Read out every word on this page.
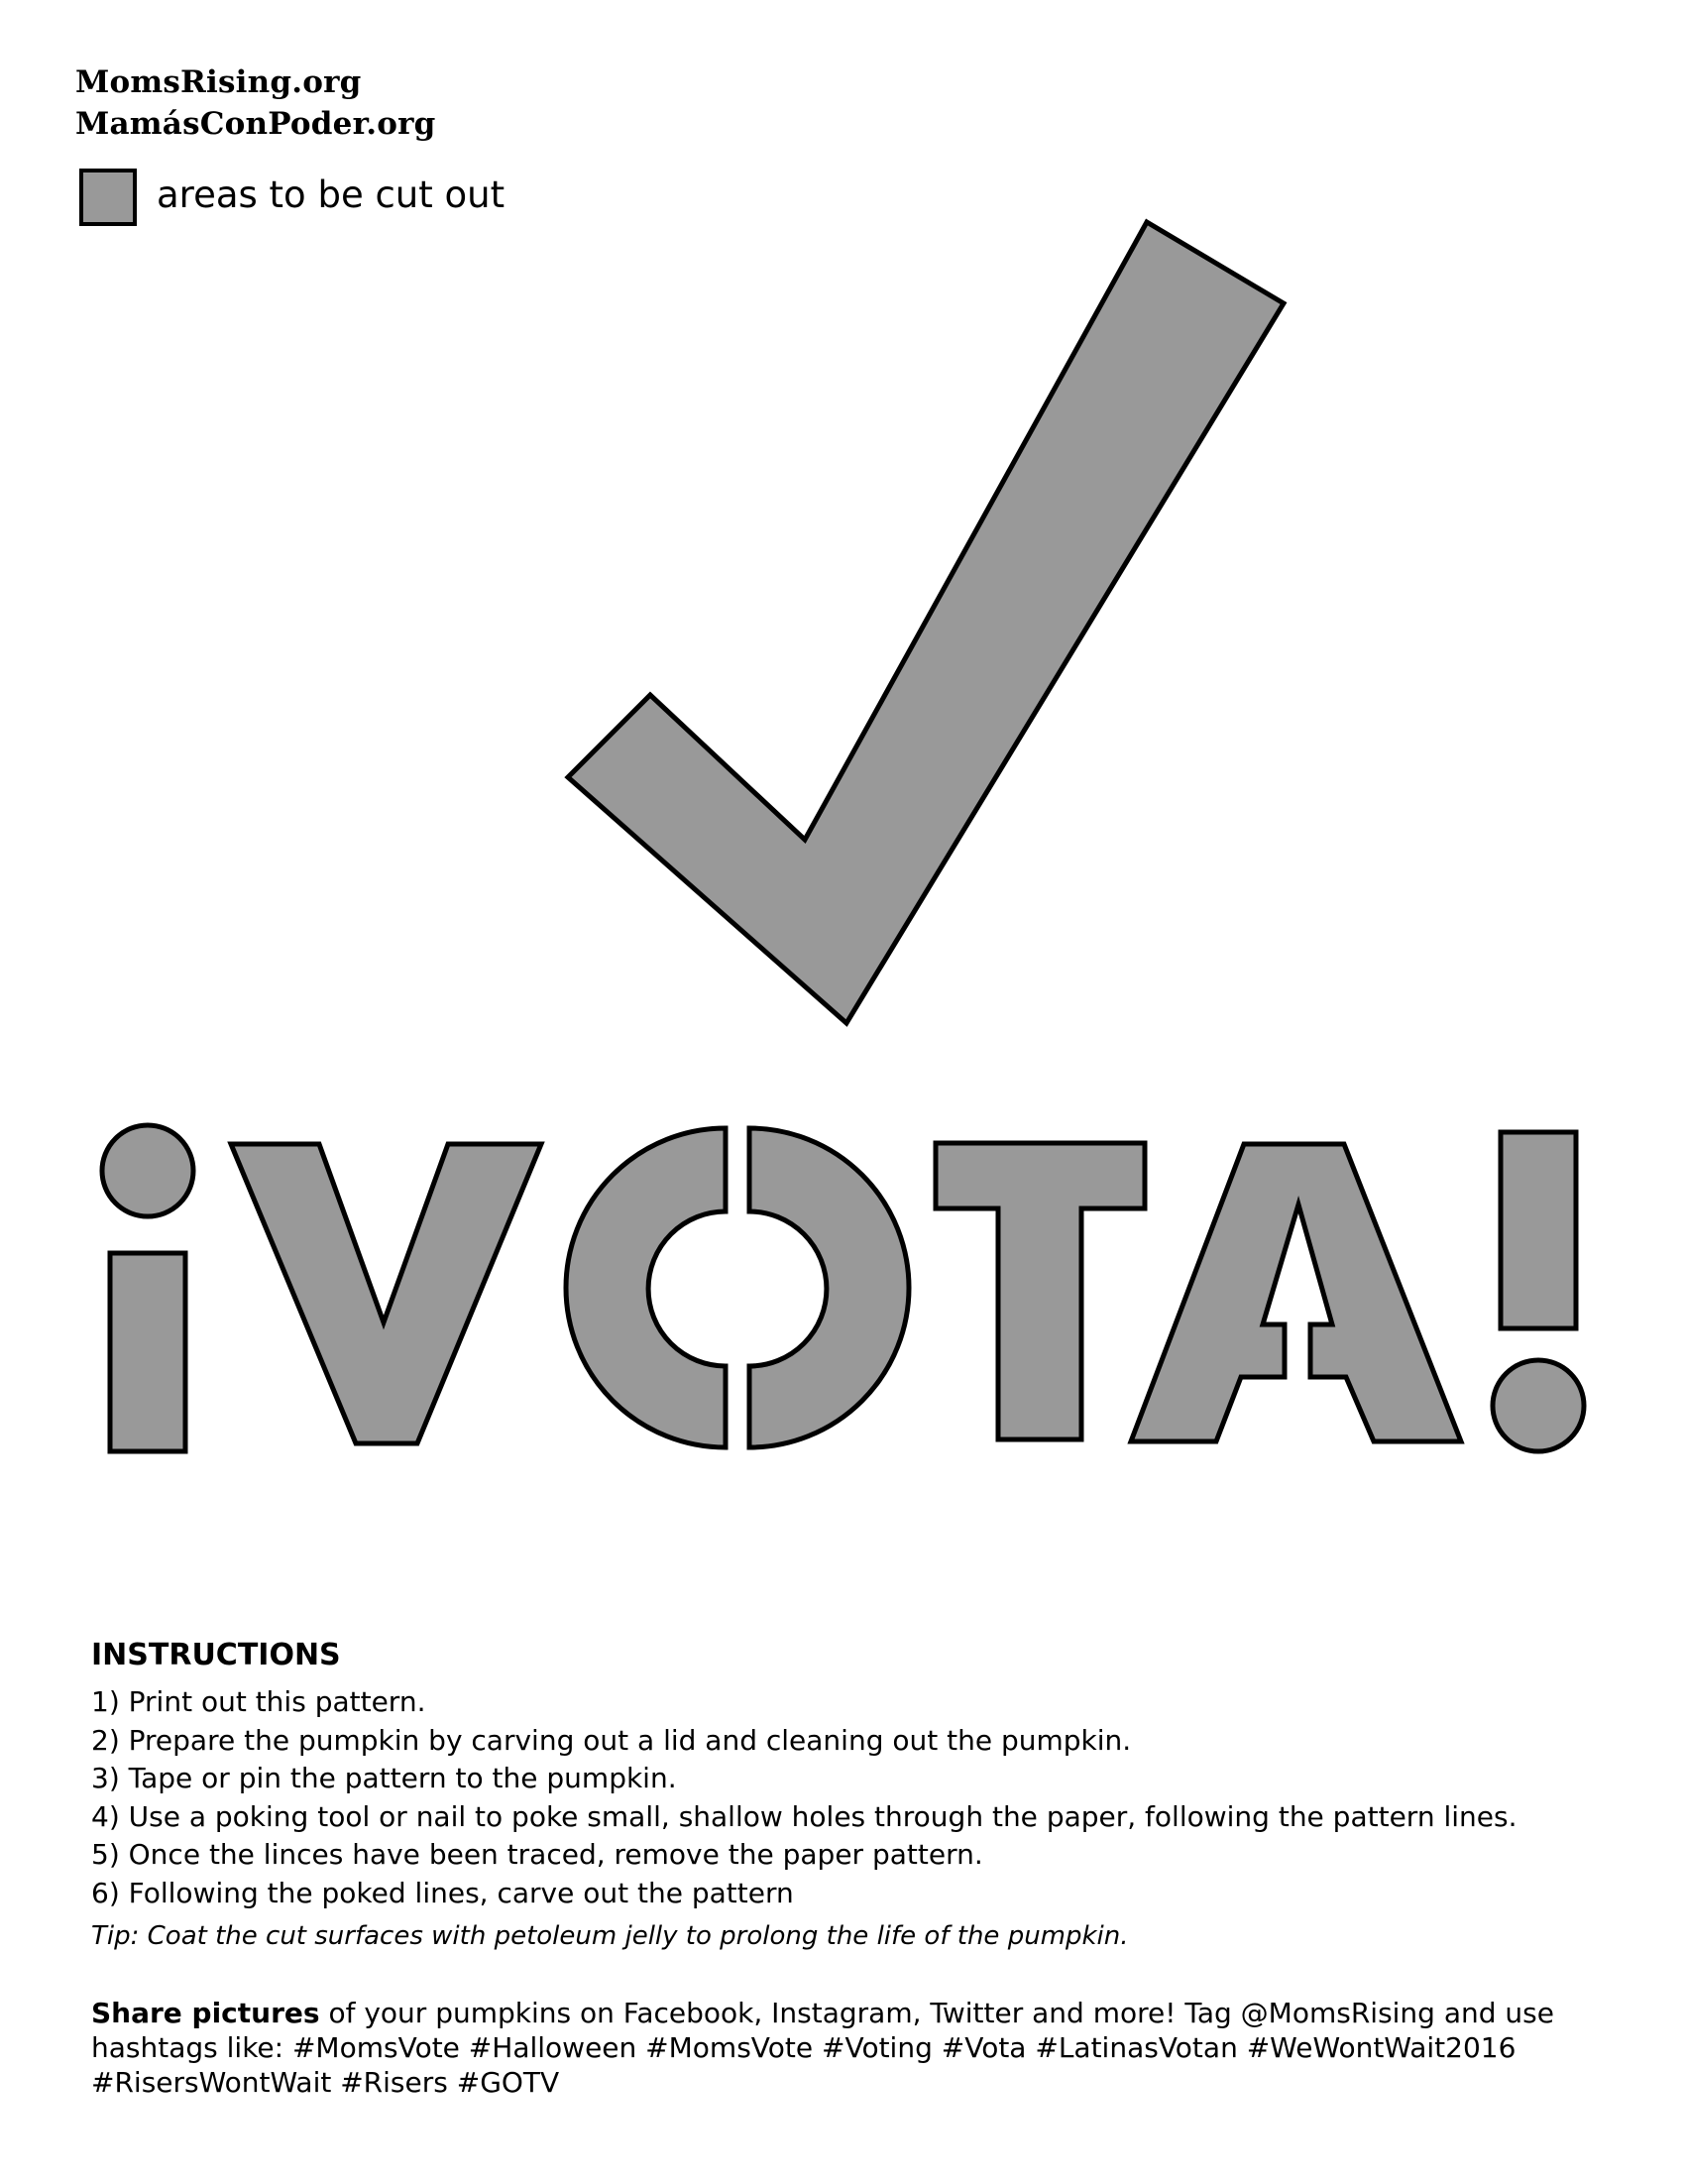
MomsRising.org
MamásConPoder.org
areas to be cut out
INSTRUCTIONS
1) Print out this pattern.
2) Prepare the pumpkin by carving out a lid and cleaning out the pumpkin.
3) Tape or pin the pattern to the pumpkin.
4) Use a poking tool or nail to poke small, shallow holes through the paper, following the pattern lines.
5) Once the linces have been traced, remove the paper pattern.
6) Following the poked lines, carve out the pattern
Tip: Coat the cut surfaces with petoleum jelly to prolong the life of the pumpkin.
Share pictures of your pumpkins on Facebook, Instagram, Twitter and more! Tag @MomsRising and use hashtags like: #MomsVote #Halloween #MomsVote #Voting #Vota #LatinasVotan #WeWontWait2016 #RisersWontWait #Risers #GOTV
